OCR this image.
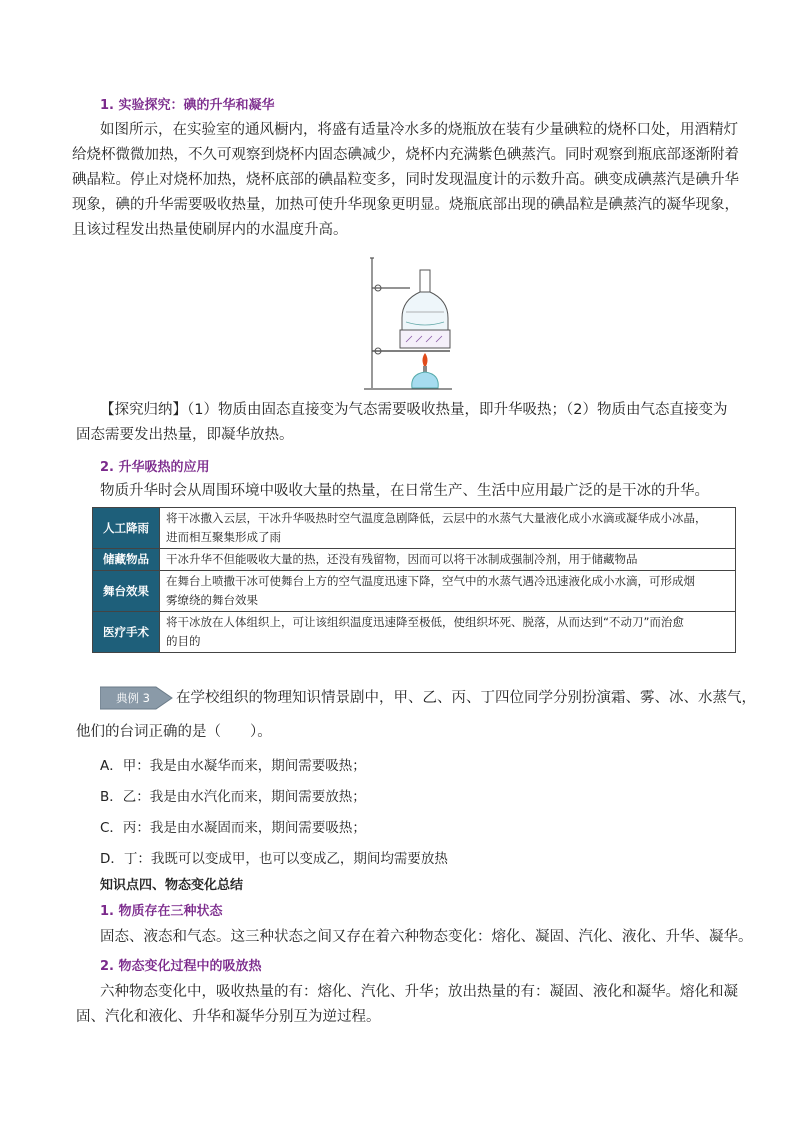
1. 实验探究：碘的升华和凝华
如图所示，在实验室的通风橱内，将盛有适量冷水多的烧瓶放在装有少量碘粒的烧杯口处，用酒精灯
给烧杯微微加热，不久可观察到烧杯内固态碘减少，烧杯内充满紫色碘蒸汽。同时观察到瓶底部逐渐附着
碘晶粒。停止对烧杯加热，烧杯底部的碘晶粒变多，同时发现温度计的示数升高。碘变成碘蒸汽是碘升华
现象，碘的升华需要吸收热量，加热可使升华现象更明显。烧瓶底部出现的碘晶粒是碘蒸汽的凝华现象，
且该过程发出热量使刷屏内的水温度升高。
【探究归纳】（1）物质由固态直接变为气态需要吸收热量，即升华吸热；（2）物质由气态直接变为
固态需要发出热量，即凝华放热。
2. 升华吸热的应用
物质升华时会从周围环境中吸收大量的热量，在日常生产、生活中应用最广泛的是干冰的升华。
人工降雨	将干冰撒入云层，干冰升华吸热时空气温度急剧降低，云层中的水蒸气大量液化成小水滴或凝华成小冰晶，
进而相互聚集形成了雨

储藏物品	干冰升华不但能吸收大量的热，还没有残留物，因而可以将干冰制成强制冷剂，用于储藏物品

舞台效果	在舞台上喷撒干冰可使舞台上方的空气温度迅速下降，空气中的水蒸气遇冷迅速液化成小水滴，可形成烟
雾缭绕的舞台效果

医疗手术	将干冰放在人体组织上，可让该组织温度迅速降至极低，使组织坏死、脱落，从而达到“不动刀”而治愈
的目的
典例 3 在学校组织的物理知识情景剧中，甲、乙、丙、丁四位同学分别扮演霜、雾、冰、水蒸气，
他们的台词正确的是（　　）。
A．甲：我是由水凝华而来，期间需要吸热；
B．乙：我是由水汽化而来，期间需要放热；
C．丙：我是由水凝固而来，期间需要吸热；
D．丁：我既可以变成甲，也可以变成乙，期间均需要放热
知识点四、物态变化总结
1. 物质存在三种状态
固态、液态和气态。这三种状态之间又存在着六种物态变化：熔化、凝固、汽化、液化、升华、凝华。
2. 物态变化过程中的吸放热
六种物态变化中，吸收热量的有：熔化、汽化、升华；放出热量的有：凝固、液化和凝华。熔化和凝
固、汽化和液化、升华和凝华分别互为逆过程。
